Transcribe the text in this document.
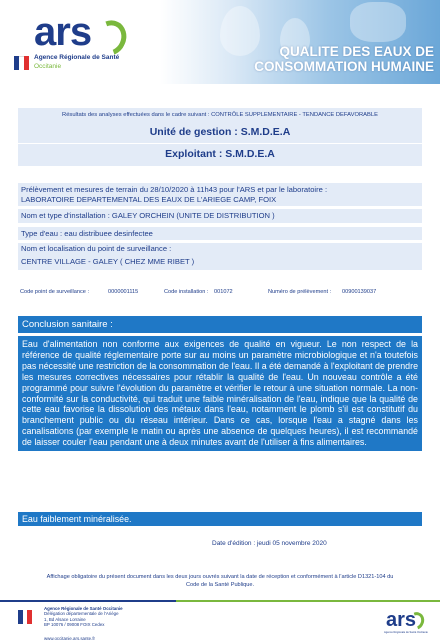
ars
Agence Régionale de Santé
Occitanie
QUALITE DES EAUX DE
CONSOMMATION HUMAINE
Résultats des analyses effectuées dans le cadre suivant : CONTRÔLE SUPPLEMENTAIRE - TENDANCE DEFAVORABLE
Unité de gestion : S.M.D.E.A
Exploitant : S.M.D.E.A
Prélèvement et mesures de terrain du 28/10/2020 à 11h43 pour l'ARS et par le laboratoire :
LABORATOIRE DEPARTEMENTAL DES EAUX DE L'ARIEGE CAMP, FOIX
Nom et type d'installation : GALEY ORCHEIN (UNITE DE DISTRIBUTION )
Type d'eau : eau distribuee desinfectee
Nom et localisation du point de surveillance :
CENTRE VILLAGE - GALEY ( CHEZ MME RIBET )
Code point de surveillance :	0000001115	Code installation : 001072	Numéro de prélèvement : 00900139037
Conclusion sanitaire :
Eau d'alimentation non conforme aux exigences de qualité en vigueur. Le non respect de la référence de qualité réglementaire porte sur au moins un paramètre microbiologique et n'a toutefois pas nécessité une restriction de la consommation de l'eau. Il a été demandé à l'exploitant de prendre les mesures correctives nécessaires pour rétablir la qualité de l'eau. Un nouveau contrôle a été programmé pour suivre l'évolution du paramètre et vérifier le retour à une situation normale. La non-conformité sur la conductivité, qui traduit une faible minéralisation de l'eau, indique que la qualité de cette eau favorise la dissolution des métaux dans l'eau, notamment le plomb s'il est constitutif du branchement public ou du réseau intérieur. Dans ce cas, lorsque l'eau a stagné dans les canalisations (par exemple le matin ou après une absence de quelques heures), il est recommandé de laisser couler l'eau pendant une à deux minutes avant de l'utiliser à fins alimentaires.
Eau faiblement minéralisée.
Date d'édition : jeudi 05 novembre 2020
Affichage obligatoire du présent document dans les deux jours ouvrés suivant la date de réception et conformément à l'article D1321-104 du Code de la Santé Publique.
Agence Régionale de Santé Occitanie
Délégation départementale de l'Ariège
1, Bd Alsace Lorraine
BP 10076 / 09008 FOIX Cedex
www.occitanie.ars.sante.fr
ars
Agence Régionale de Santé Occitanie
